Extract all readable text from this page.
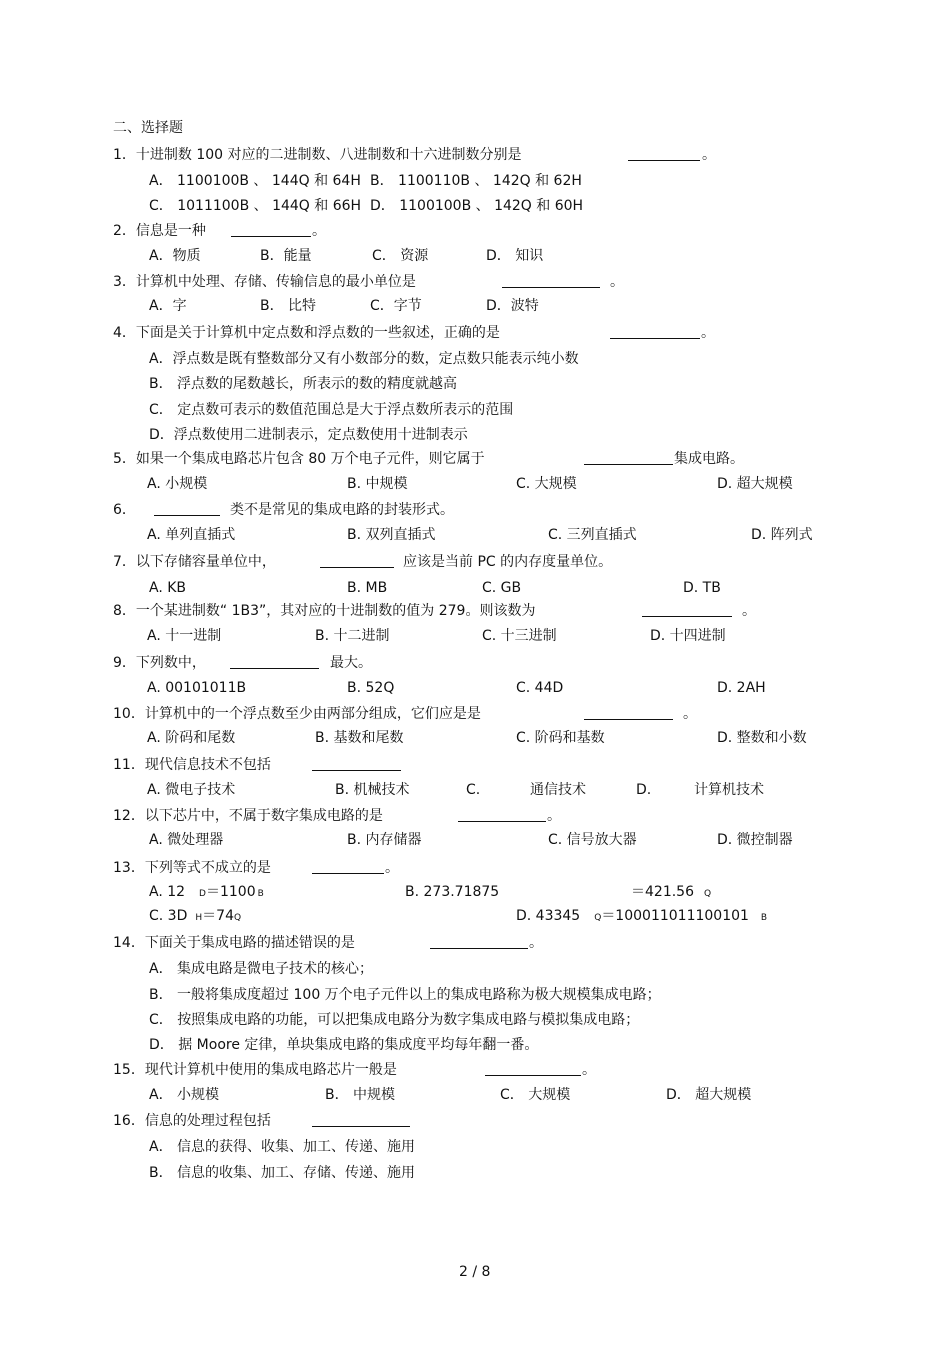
二、选择题
1．十进制数 100 对应的二进制数、八进制数和十六进制数分别是	。
A． 1100100B 、 144Q 和 64H B． 1100110B 、 142Q 和 62H
C． 1011100B 、 144Q 和 66H D． 1100100B 、 142Q 和 60H
2．信息是一种	。
A．物质	B．能量	C． 资源	D． 知识
3．计算机中处理、存储、传输信息的最小单位是	。
A．字	B． 比特	C．字节	D．波特
4．下面是关于计算机中定点数和浮点数的一些叙述，正确的是	。
A．浮点数是既有整数部分又有小数部分的数，定点数只能表示纯小数
B． 浮点数的尾数越长，所表示的数的精度就越高
C． 定点数可表示的数值范围总是大于浮点数所表示的范围
D．浮点数使用二进制表示，定点数使用十进制表示
5．如果一个集成电路芯片包含 80 万个电子元件，则它属于	集成电路。
A. 小规模	B. 中规模	C. 大规模	D. 超大规模
6．	类不是常见的集成电路的封装形式。
A. 单列直插式	B. 双列直插式	C. 三列直插式	D. 阵列式
7．以下存储容量单位中，	应该是当前 PC 的内存度量单位。
A. KB	B. MB	C. GB	D. TB
8．一个某进制数“ 1B3”，其对应的十进制数的值为 279。则该数为	。
A. 十一进制	B. 十二进制	C. 十三进制	D. 十四进制
9．下列数中，	最大。
A. 00101011B	B. 52Q	C. 44D	D. 2AH
10．计算机中的一个浮点数至少由两部分组成，它们应是是	。
A. 阶码和尾数	B. 基数和尾数	C. 阶码和基数	D. 整数和小数
11．现代信息技术不包括
A. 微电子技术	B. 机械技术	C.	通信技术	D.	计算机技术
12．以下芯片中，不属于数字集成电路的是	。
A. 微处理器	B. 内存储器	C. 信号放大器	D. 微控制器
13．下列等式不成立的是	。
A. 12 D＝1100 B	B. 273.71875	＝421.56 Q
C. 3D H＝74Q	D. 43345 Q＝100011011100101 B
14．下面关于集成电路的描述错误的是	。
A． 集成电路是微电子技术的核心；
B． 一般将集成度超过 100 万个电子元件以上的集成电路称为极大规模集成电路；
C． 按照集成电路的功能，可以把集成电路分为数字集成电路与模拟集成电路；
D． 据 Moore 定律，单块集成电路的集成度平均每年翻一番。
15．现代计算机中使用的集成电路芯片一般是	。
A． 小规模	B． 中规模	C． 大规模	D． 超大规模
16．信息的处理过程包括
A． 信息的获得、收集、加工、传递、施用
B． 信息的收集、加工、存储、传递、施用
2 / 8
